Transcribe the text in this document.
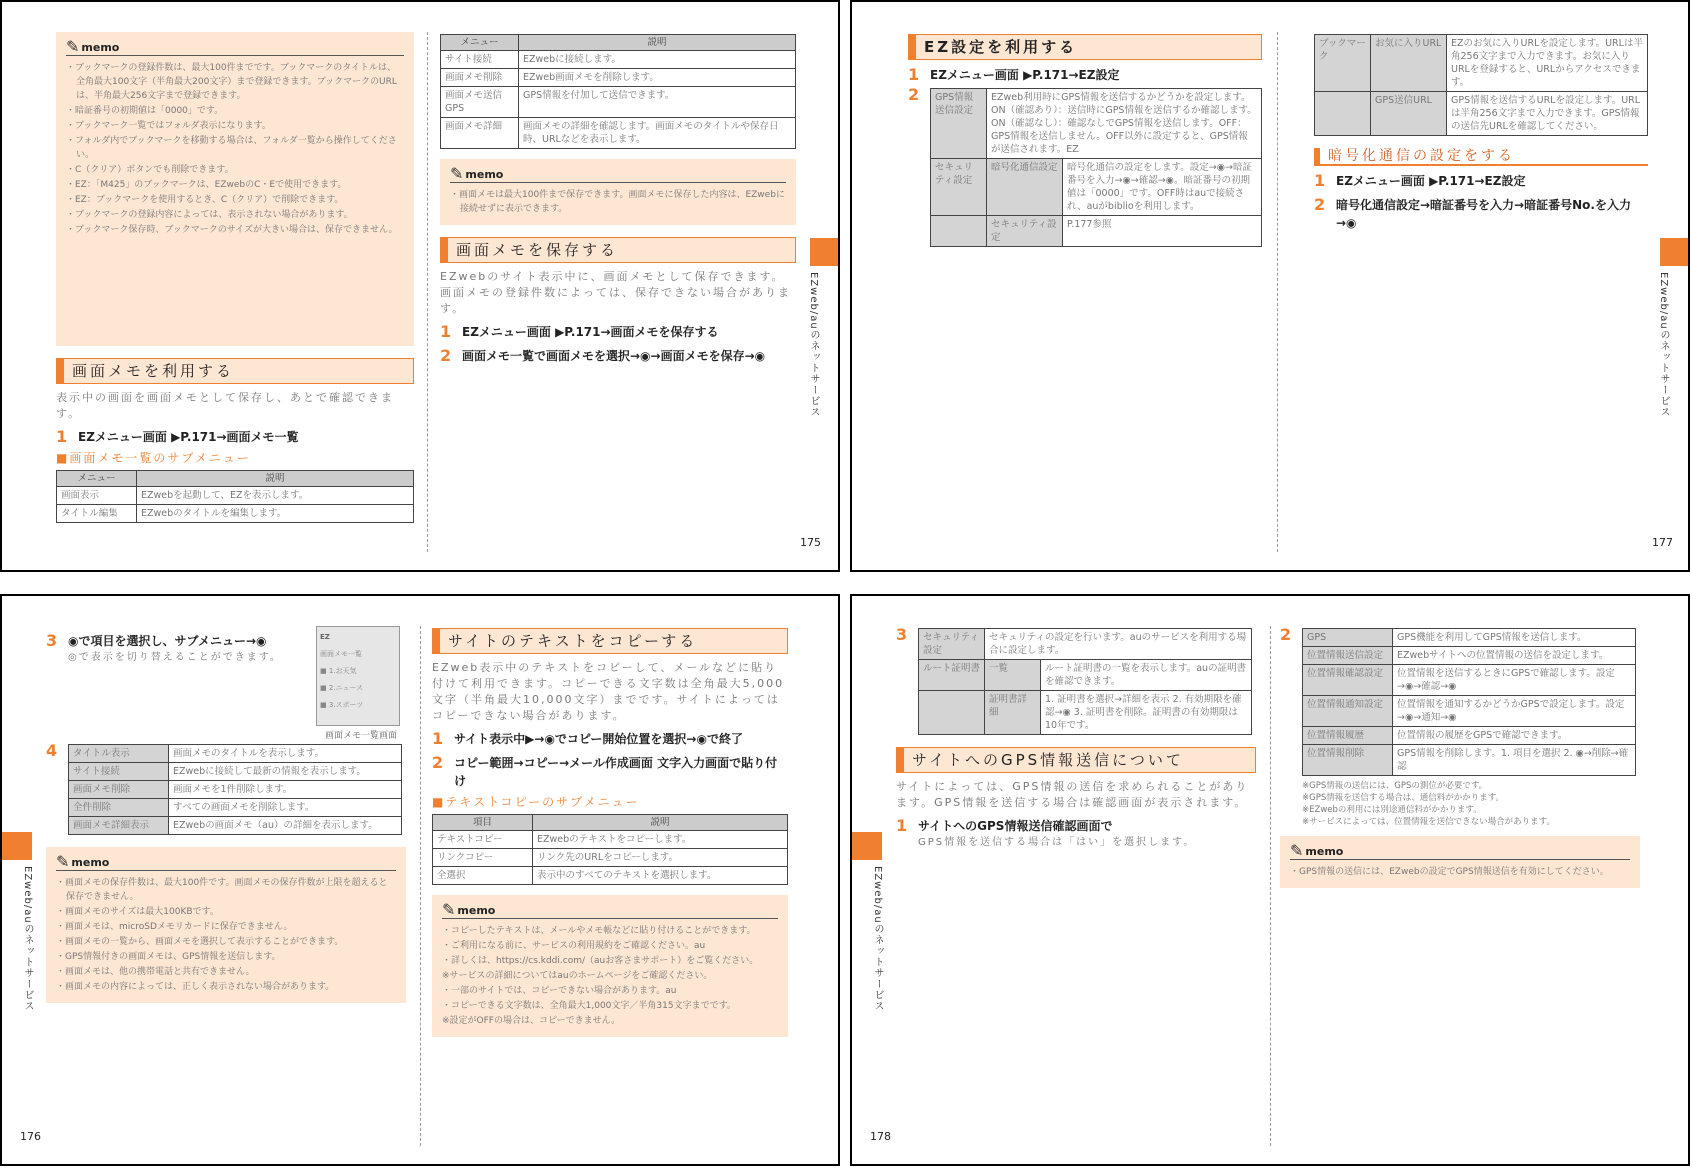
✎ memo
・ブックマークの登録件数は、最大100件までです。ブックマークのタイトルは、全角最大100文字（半角最大200文字）まで登録できます。ブックマークのURLは、半角最大256文字まで登録できます。
・暗証番号の初期値は「0000」です。
・ブックマーク一覧ではフォルダ表示になります。
・フォルダ内でブックマークを移動する場合は、フォルダ一覧から操作してください。
・C（クリア）ボタンでも削除できます。
・EZ：「M425」のブックマークは、EZwebのC・Eで使用できます。
・EZ：ブックマークを使用するとき、C（クリア）で削除できます。
・ブックマークの登録内容によっては、表示されない場合があります。
・ブックマーク保存時、ブックマークのサイズが大きい場合は、保存できません。
画面メモを利用する
表示中の画面を画面メモとして保存し、あとで確認できます。
1 EZメニュー画面 ▶P.171→画面メモ一覧
■画面メモ一覧のサブメニュー
メニュー	説明
画面表示	EZwebを起動して、EZを表示します。
タイトル編集	EZwebのタイトルを編集します。
メニュー	説明
サイト接続	EZwebに接続します。
画面メモ削除	EZweb画面メモを削除します。
画面メモ送信GPS	GPS情報を付加して送信できます。
画面メモ詳細	画面メモの詳細を確認します。画面メモのタイトルや保存日時、URLなどを表示します。
✎ memo
・画面メモは最大100件まで保存できます。画面メモに保存した内容は、EZwebに接続せずに表示できます。
画面メモを保存する
EZwebのサイト表示中に、画面メモとして保存できます。画面メモの登録件数によっては、保存できない場合があります。
1 EZメニュー画面 ▶P.171→画面メモを保存する
2 画面メモ一覧で画面メモを選択→◉→画面メモを保存→◉	EZweb/auのネットサービス
175
EZ設定を利用する
1 EZメニュー画面 ▶P.171→EZ設定
2	GPS情報送信設定	EZweb利用時にGPS情報を送信するかどうかを設定します。ON（確認あり）：送信時にGPS情報を送信するか確認します。ON（確認なし）：確認なしでGPS情報を送信します。OFF：GPS情報を送信しません。OFF以外に設定すると、GPS情報が送信されます。EZ	
セキュリティ設定	暗号化通信設定	暗号化通信の設定をします。設定→◉→暗証番号を入力→◉→確認→◉。暗証番号の初期値は「0000」です。OFF時はauで接続され、auがbiblioを利用します。
	セキュリティ設定	P.177参照
ブックマーク	お気に入りURL	EZのお気に入りURLを設定します。URLは半角256文字まで入力できます。お気に入りURLを登録すると、URLからアクセスできます。
	GPS送信URL	GPS情報を送信するURLを設定します。URLは半角256文字まで入力できます。GPS情報の送信先URLを確認してください。
暗号化通信の設定をする
1 EZメニュー画面 ▶P.171→EZ設定
2 暗号化通信設定→暗証番号を入力→暗証番号No.を入力→◉
EZweb/auのネットサービス
177
3 ◉で項目を選択し、サブメニュー→◉
◎で表示を切り替えることができます。
EZ
画面メモ一覧
■ 1.お天気
■ 2.ニュース
■ 3.スポーツ
画面メモ一覧画面
4	タイトル表示	画面メモのタイトルを表示します。
サイト接続	EZwebに接続して最新の情報を表示します。
画面メモ削除	画面メモを1件削除します。
全件削除	すべての画面メモを削除します。
画面メモ詳細表示	EZwebの画面メモ（au）の詳細を表示します。
✎ memo
・画面メモの保存件数は、最大100件です。画面メモの保存件数が上限を超えると保存できません。
・画面メモのサイズは最大100KBです。
・画面メモは、microSDメモリカードに保存できません。
・画面メモの一覧から、画面メモを選択して表示することができます。
・GPS情報付きの画面メモは、GPS情報を送信します。
・画面メモは、他の携帯電話と共有できません。
・画面メモの内容によっては、正しく表示されない場合があります。
サイトのテキストをコピーする
EZweb表示中のテキストをコピーして、メールなどに貼り付けて利用できます。コピーできる文字数は全角最大5,000文字（半角最大10,000文字）までです。サイトによってはコピーできない場合があります。
1 サイト表示中▶→◉でコピー開始位置を選択→◉で終了
2 コピー範囲→コピー→メール作成画面 文字入力画面で貼り付け
■テキストコピーのサブメニュー
項目	説明
テキストコピー	EZwebのテキストをコピーします。
リンクコピー	リンク先のURLをコピーします。
全選択	表示中のすべてのテキストを選択します。
✎ memo
・コピーしたテキストは、メールやメモ帳などに貼り付けることができます。
・ご利用になる前に、サービスの利用規約をご確認ください。au
・詳しくは、https://cs.kddi.com/（auお客さまサポート）をご覧ください。
※サービスの詳細についてはauのホームページをご確認ください。
・一部のサイトでは、コピーできない場合があります。au
・コピーできる文字数は、全角最大1,000文字／半角315文字までです。
※設定がOFFの場合は、コピーできません。
EZweb/auのネットサービス
176
3	セキュリティ設定	セキュリティの設定を行います。auのサービスを利用する場合に設定します。	
ルート証明書	一覧	ルート証明書の一覧を表示します。auの証明書を確認できます。
	証明書詳細	1. 証明書を選択→詳細を表示 2. 有効期限を確認→◉ 3. 証明書を削除。証明書の有効期限は10年です。
サイトへのGPS情報送信について
サイトによっては、GPS情報の送信を求められることがあります。GPS情報を送信する場合は確認画面が表示されます。
1 サイトへのGPS情報送信確認画面で
GPS情報を送信する場合は「はい」を選択します。
2	GPS	GPS機能を利用してGPS情報を送信します。
位置情報送信設定	EZwebサイトへの位置情報の送信を設定します。
位置情報確認設定	位置情報を送信するときにGPSで確認します。設定→◉→確認→◉
位置情報通知設定	位置情報を通知するかどうかGPSで設定します。設定→◉→通知→◉
位置情報履歴	位置情報の履歴をGPSで確認できます。
位置情報削除	GPS情報を削除します。1. 項目を選択 2. ◉→削除→確認
※GPS情報の送信には、GPSの測位が必要です。
※GPS情報を送信する場合は、通信料がかかります。
※EZwebの利用には別途通信料がかかります。
※サービスによっては、位置情報を送信できない場合があります。
✎ memo
・GPS情報の送信には、EZwebの設定でGPS情報送信を有効にしてください。
EZweb/auのネットサービス
178
